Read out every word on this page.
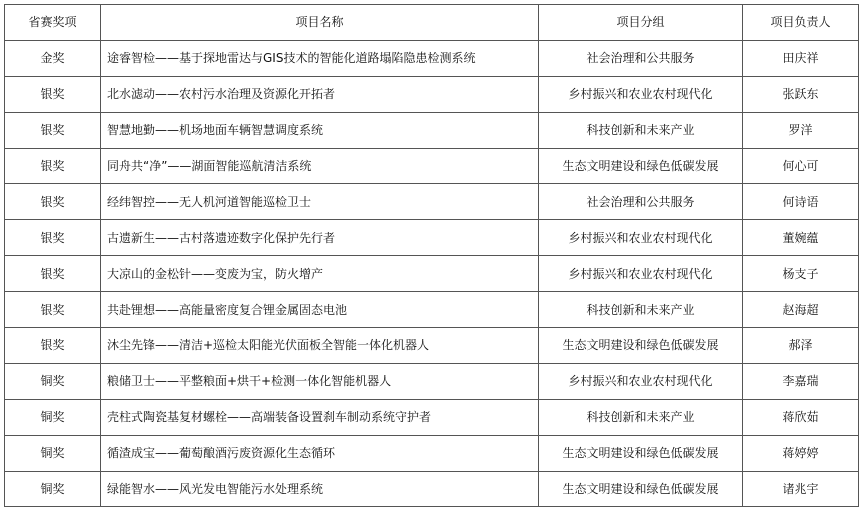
省赛奖项	项目名称	项目分组	项目负责人
金奖	途睿智检——基于探地雷达与GIS技术的智能化道路塌陷隐患检测系统	社会治理和公共服务	田庆祥
银奖	北水滤动——农村污水治理及资源化开拓者	乡村振兴和农业农村现代化	张跃东
银奖	智慧地勤——机场地面车辆智慧调度系统	科技创新和未来产业	罗洋
银奖	同舟共“净”——湖面智能巡航清洁系统	生态文明建设和绿色低碳发展	何心可
银奖	经纬智控——无人机河道智能巡检卫士	社会治理和公共服务	何诗语
银奖	古遗新生——古村落遗迹数字化保护先行者	乡村振兴和农业农村现代化	董婉蕴
银奖	大凉山的金松针——变废为宝，防火增产	乡村振兴和农业农村现代化	杨支子
银奖	共赴锂想——高能量密度复合锂金属固态电池	科技创新和未来产业	赵海超
银奖	沐尘先锋——清洁+巡检太阳能光伏面板全智能一体化机器人	生态文明建设和绿色低碳发展	郝泽
铜奖	粮储卫士——平整粮面+烘干+检测一体化智能机器人	乡村振兴和农业农村现代化	李嘉瑞
铜奖	壳柱式陶瓷基复材螺栓——高端装备设置刹车制动系统守护者	科技创新和未来产业	蒋欣茹
铜奖	循渣成宝——葡萄酿酒污废资源化生态循环	生态文明建设和绿色低碳发展	蒋婷婷
铜奖	绿能智水——风光发电智能污水处理系统	生态文明建设和绿色低碳发展	诸兆宇
